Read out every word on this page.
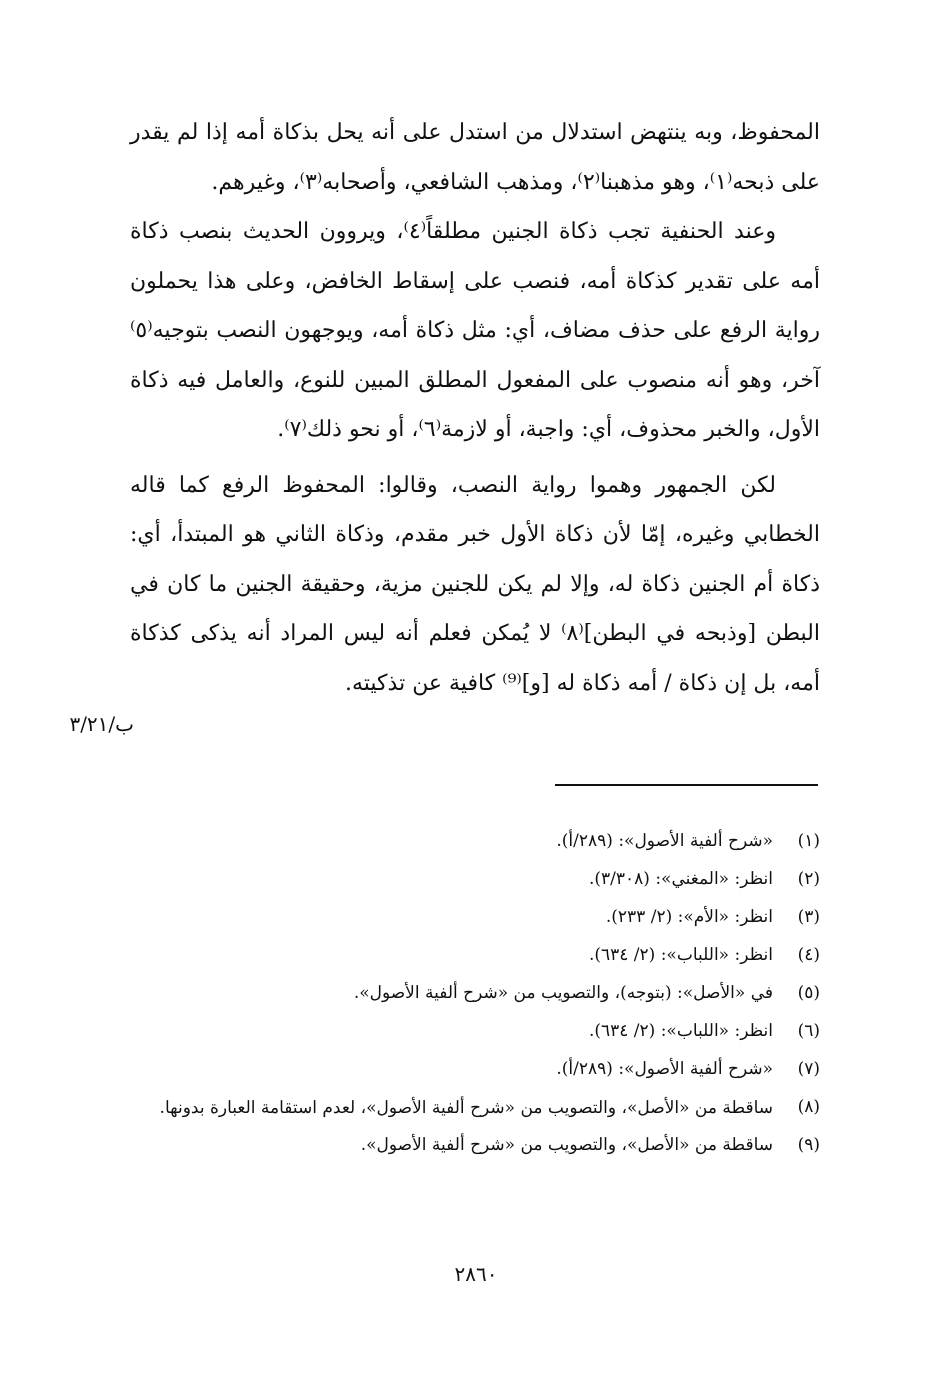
المحفوظ، وبه ينتهض استدلال من استدل على أنه يحل بذكاة أمه إذا لم يقدر على ذبحه⁽١⁾، وهو مذهبنا⁽٢⁾، ومذهب الشافعي، وأصحابه⁽٣⁾، وغيرهم.

وعند الحنفية تجب ذكاة الجنين مطلقاً⁽٤⁾، ويروون الحديث بنصب ذكاة أمه على تقدير كذكاة أمه، فنصب على إسقاط الخافض، وعلى هذا يحملون رواية الرفع على حذف مضاف، أي: مثل ذكاة أمه، ويوجهون النصب بتوجيه⁽٥⁾ آخر، وهو أنه منصوب على المفعول المطلق المبين للنوع، والعامل فيه ذكاة الأول، والخبر محذوف، أي: واجبة، أو لازمة⁽٦⁾، أو نحو ذلك⁽٧⁾.

لكن الجمهور وهموا رواية النصب، وقالوا: المحفوظ الرفع كما قاله الخطابي وغيره، إمّا لأن ذكاة الأول خبر مقدم، وذكاة الثاني هو المبتدأ، أي: ذكاة أم الجنين ذكاة له، وإلا لم يكن للجنين مزية، وحقيقة الجنين ما كان في البطن [وذبحه في البطن]⁽٨⁾ لا يُمكن فعلم أنه ليس المراد أنه يذكى كذكاة أمه، بل إن ذكاة / أمه ذكاة له [و]⁽⁹⁾ كافية عن تذكيته.

ب/٣/٢١
(١)
«شرح ألفية الأصول»: (٢٨٩/أ).
(٢)
انظر: «المغني»: (٣/٣٠٨).
(٣)
انظر: «الأم»: (٢/ ٢٣٣).
(٤)
انظر: «اللباب»: (٢/ ٦٣٤).
(٥)
في «الأصل»: (بتوجه)، والتصويب من «شرح ألفية الأصول».
(٦)
انظر: «اللباب»: (٢/ ٦٣٤).
(٧)
«شرح ألفية الأصول»: (٢٨٩/أ).
(٨)
ساقطة من «الأصل»، والتصويب من «شرح ألفية الأصول»، لعدم استقامة العبارة بدونها.
(٩)
ساقطة من «الأصل»، والتصويب من «شرح ألفية الأصول».
٢٨٦٠
